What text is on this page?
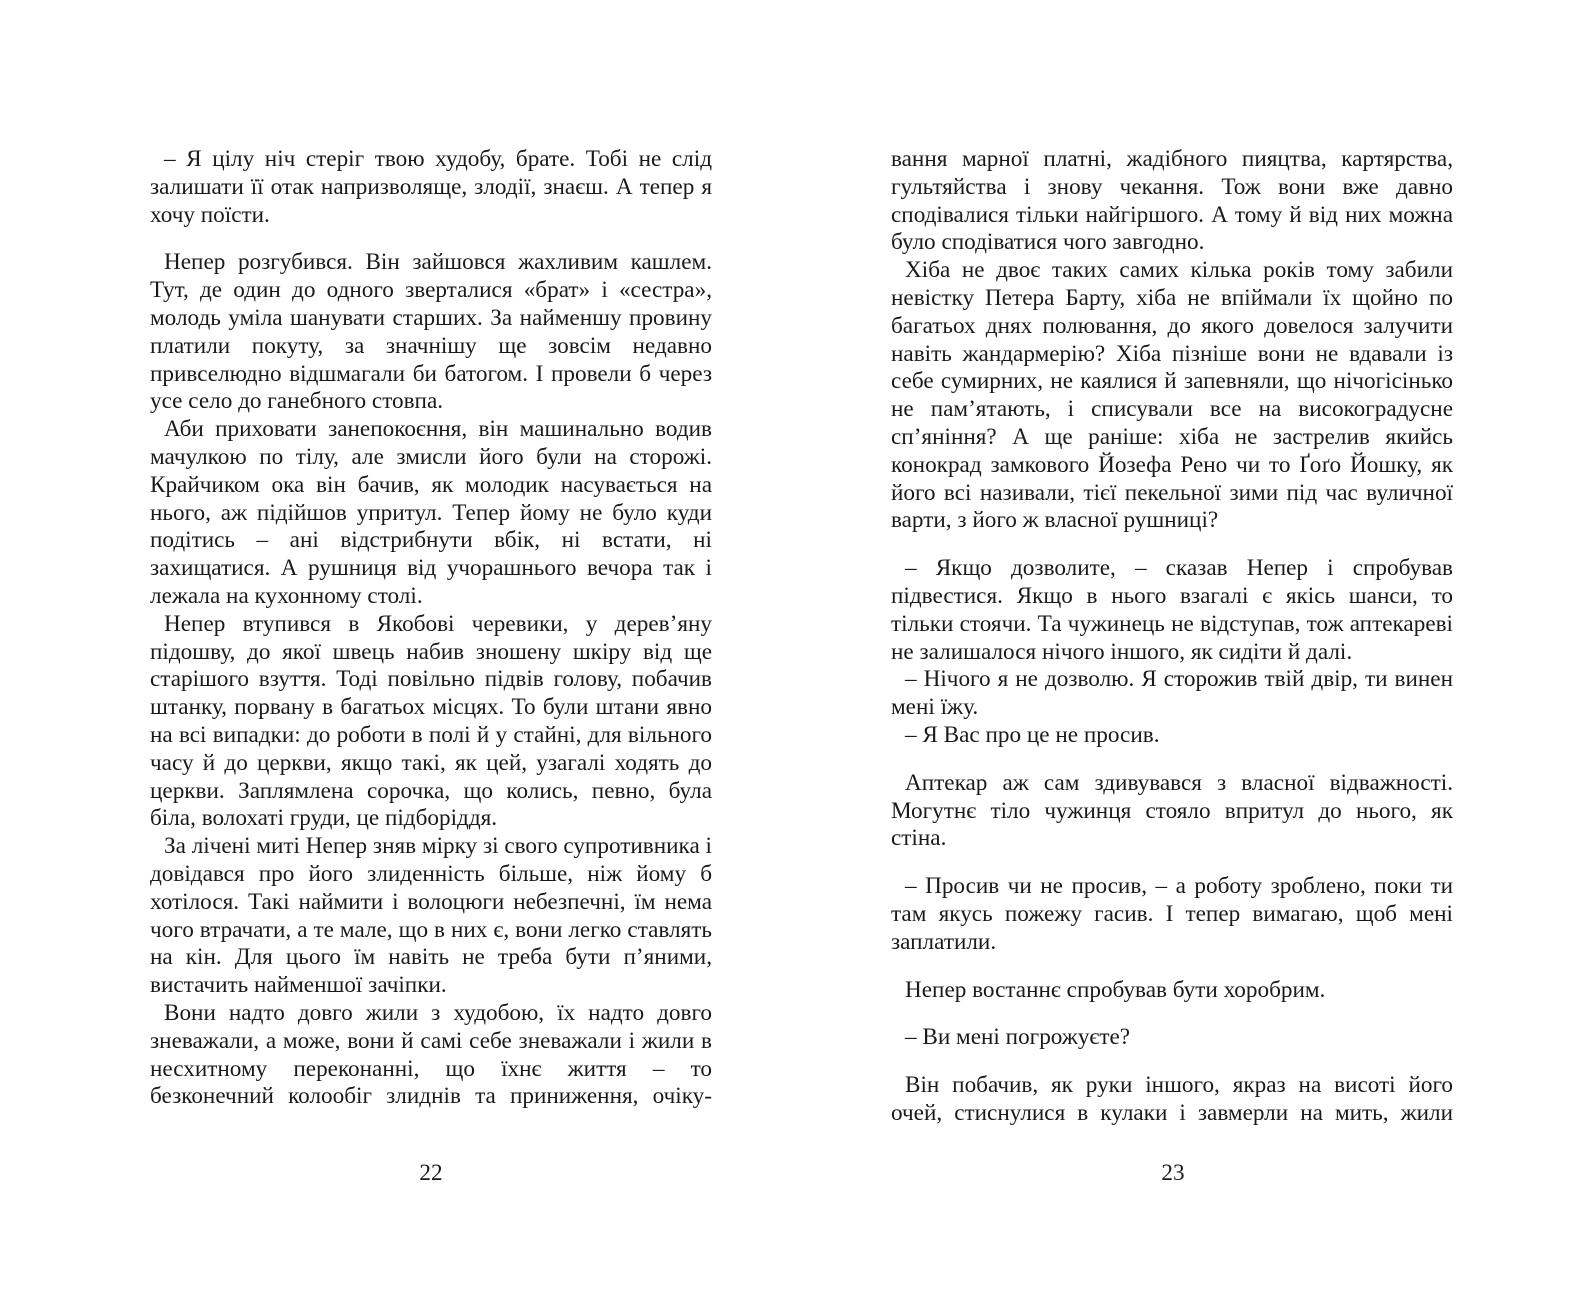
– Я цілу ніч стеріг твою худобу, брате. Тобі не слід залишати її отак напризволяще, злодії, знаєш. А тепер я хочу поїсти.

Непер розгубився. Він зайшовся жахливим кашлем. Тут, де один до одного зверталися «брат» і «сестра», молодь уміла шанувати старших. За найменшу провину платили покуту, за значнішу ще зовсім недавно привселюдно відшмагали би батогом. І провели б через усе село до ганебного стовпа.

Аби приховати занепокоєння, він машинально водив мачулкою по тілу, але змисли його були на сторожі. Крайчиком ока він бачив, як молодик насувається на нього, аж підійшов упритул. Тепер йому не було куди подітись – ані відстрибнути вбік, ні встати, ні захищатися. А рушниця від учорашнього вечора так і лежала на кухонному столі.

Непер втупився в Якобові черевики, у дерев’яну підошву, до якої швець набив зношену шкіру від ще старішого взуття. Тоді повільно підвів голову, побачив штанку, порвану в багатьох місцях. То були штани явно на всі випадки: до роботи в полі й у стайні, для вільного часу й до церкви, якщо такі, як цей, узагалі ходять до церкви. Заплямлена сорочка, що колись, певно, була біла, волохаті груди, це підборіддя.

За лічені миті Непер зняв мірку зі свого супротивника і довідався про його злиденність більше, ніж йому б хотілося. Такі наймити і волоцюги небезпечні, їм нема чого втрачати, а те мале, що в них є, вони легко ставлять на кін. Для цього їм навіть не треба бути п’яними, вистачить найменшої зачіпки.

Вони надто довго жили з худобою, їх надто довго зневажали, а може, вони й самі себе зневажали і жили в несхитному переконанні, що їхнє життя – то безконечний колообіг злиднів та приниження, очіку-

вання марної платні, жадібного пияцтва, картярства, гультяйства і знову чекання. Тож вони вже давно сподівалися тільки найгіршого. А тому й від них можна було сподіватися чого завгодно.

Хіба не двоє таких самих кілька років тому забили невістку Петера Барту, хіба не впіймали їх щойно по багатьох днях полювання, до якого довелося залучити навіть жандармерію? Хіба пізніше вони не вдавали із себе сумирних, не каялися й запевняли, що нічогісінько не пам’ятають, і списували все на високоградусне сп’яніння? А ще раніше: хіба не застрелив якийсь конокрад замкового Йозефа Рено чи то Ґоґо Йошку, як його всі називали, тієї пекельної зими під час вуличної варти, з його ж власної рушниці?

– Якщо дозволите, – сказав Непер і спробував підвестися. Якщо в нього взагалі є якісь шанси, то тільки стоячи. Та чужинець не відступав, тож аптекареві не залишалося нічого іншого, як сидіти й далі.

– Нічого я не дозволю. Я сторожив твій двір, ти винен мені їжу.

– Я Вас про це не просив.

Аптекар аж сам здивувався з власної відважності. Могутнє тіло чужинця стояло впритул до нього, як стіна.

– Просив чи не просив, – а роботу зроблено, поки ти там якусь пожежу гасив. І тепер вимагаю, щоб мені заплатили.

Непер востаннє спробував бути хоробрим.

– Ви мені погрожуєте?

Він побачив, як руки іншого, якраз на висоті його очей, стиснулися в кулаки і завмерли на мить, жили

22	23
